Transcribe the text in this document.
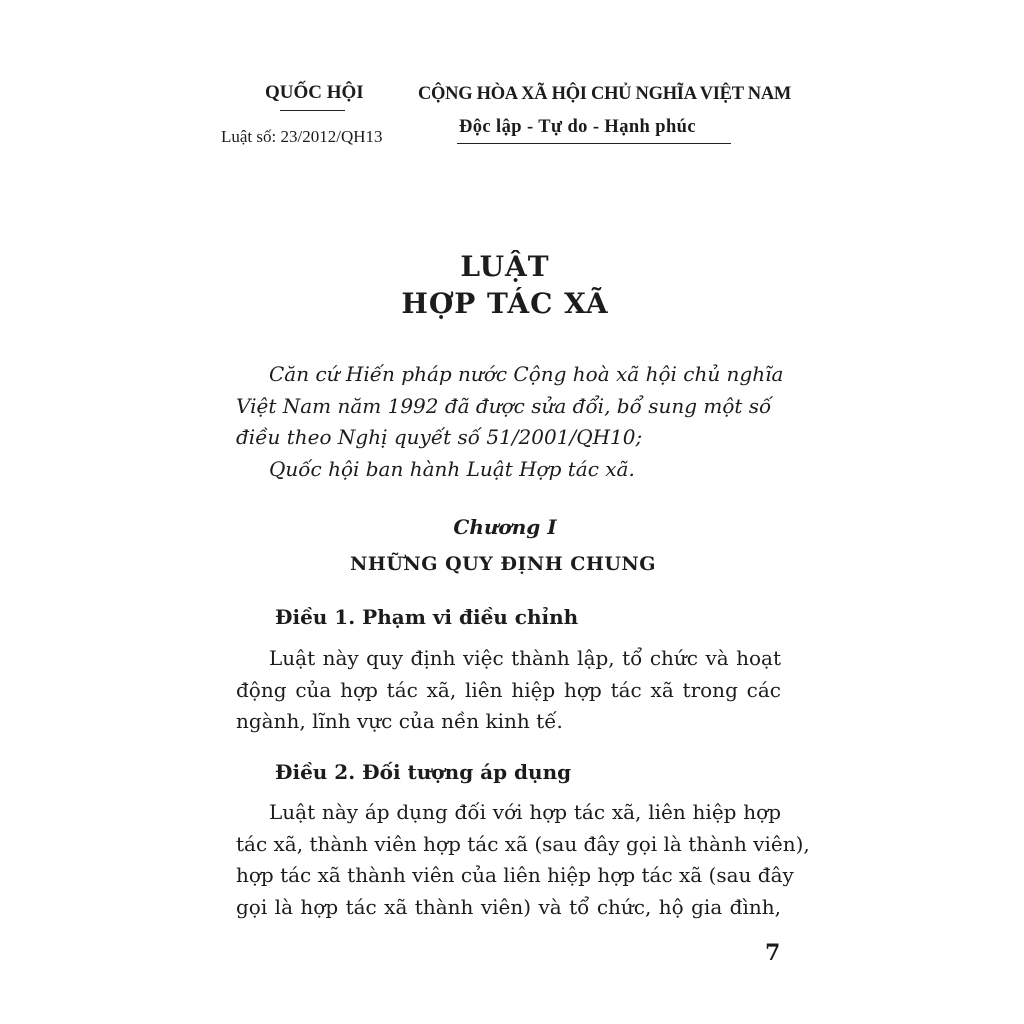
QUỐC HỘI
Luật số: 23/2012/QH13
CỘNG HÒA XÃ HỘI CHỦ NGHĨA VIỆT NAM
Độc lập - Tự do - Hạnh phúc
LUẬT
HỢP TÁC XÃ
Căn cứ Hiến pháp nước Cộng hoà xã hội chủ nghĩa
Việt Nam năm 1992 đã được sửa đổi, bổ sung một số
điều theo Nghị quyết số 51/2001/QH10;
Quốc hội ban hành Luật Hợp tác xã.
Chương I
NHỮNG QUY ĐỊNH CHUNG
Điều 1. Phạm vi điều chỉnh
Luật này quy định việc thành lập, tổ chức và hoạt
động của hợp tác xã, liên hiệp hợp tác xã trong các
ngành, lĩnh vực của nền kinh tế.
Điều 2. Đối tượng áp dụng
Luật này áp dụng đối với hợp tác xã, liên hiệp hợp
tác xã, thành viên hợp tác xã (sau đây gọi là thành viên),
hợp tác xã thành viên của liên hiệp hợp tác xã (sau đây
gọi là hợp tác xã thành viên) và tổ chức, hộ gia đình,
7
